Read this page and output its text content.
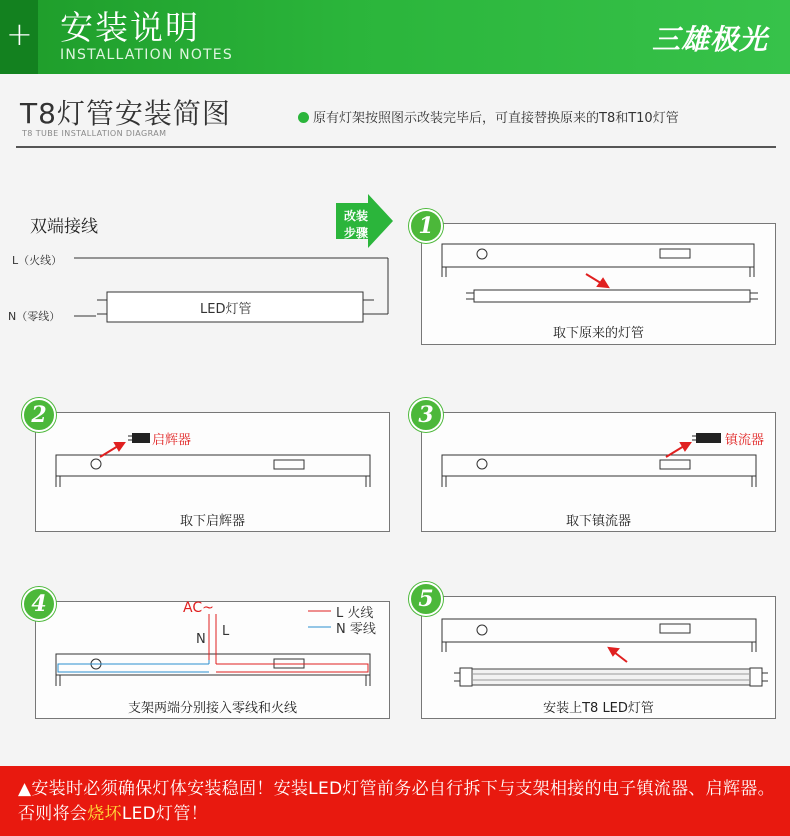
+ 安装说明
INSTALLATION NOTES	三雄极光
T8灯管安装简图
T8 TUBE INSTALLATION DIAGRAM
原有灯架按照图示改装完毕后，可直接替换原来的T8和T10灯管
双端接线
L（火线）
N（零线）	LED灯管
改装
步骤
取下原来的灯管
1
启辉器
取下启辉器
2
镇流器
取下镇流器
3
AC~
N
L
L 火线
N 零线
支架两端分别接入零线和火线
4
安装上T8 LED灯管
5
▲安装时必须确保灯体安装稳固！安装LED灯管前务必自行拆下与支架相接的电子镇流器、启辉器。否则将会烧坏LED灯管！
